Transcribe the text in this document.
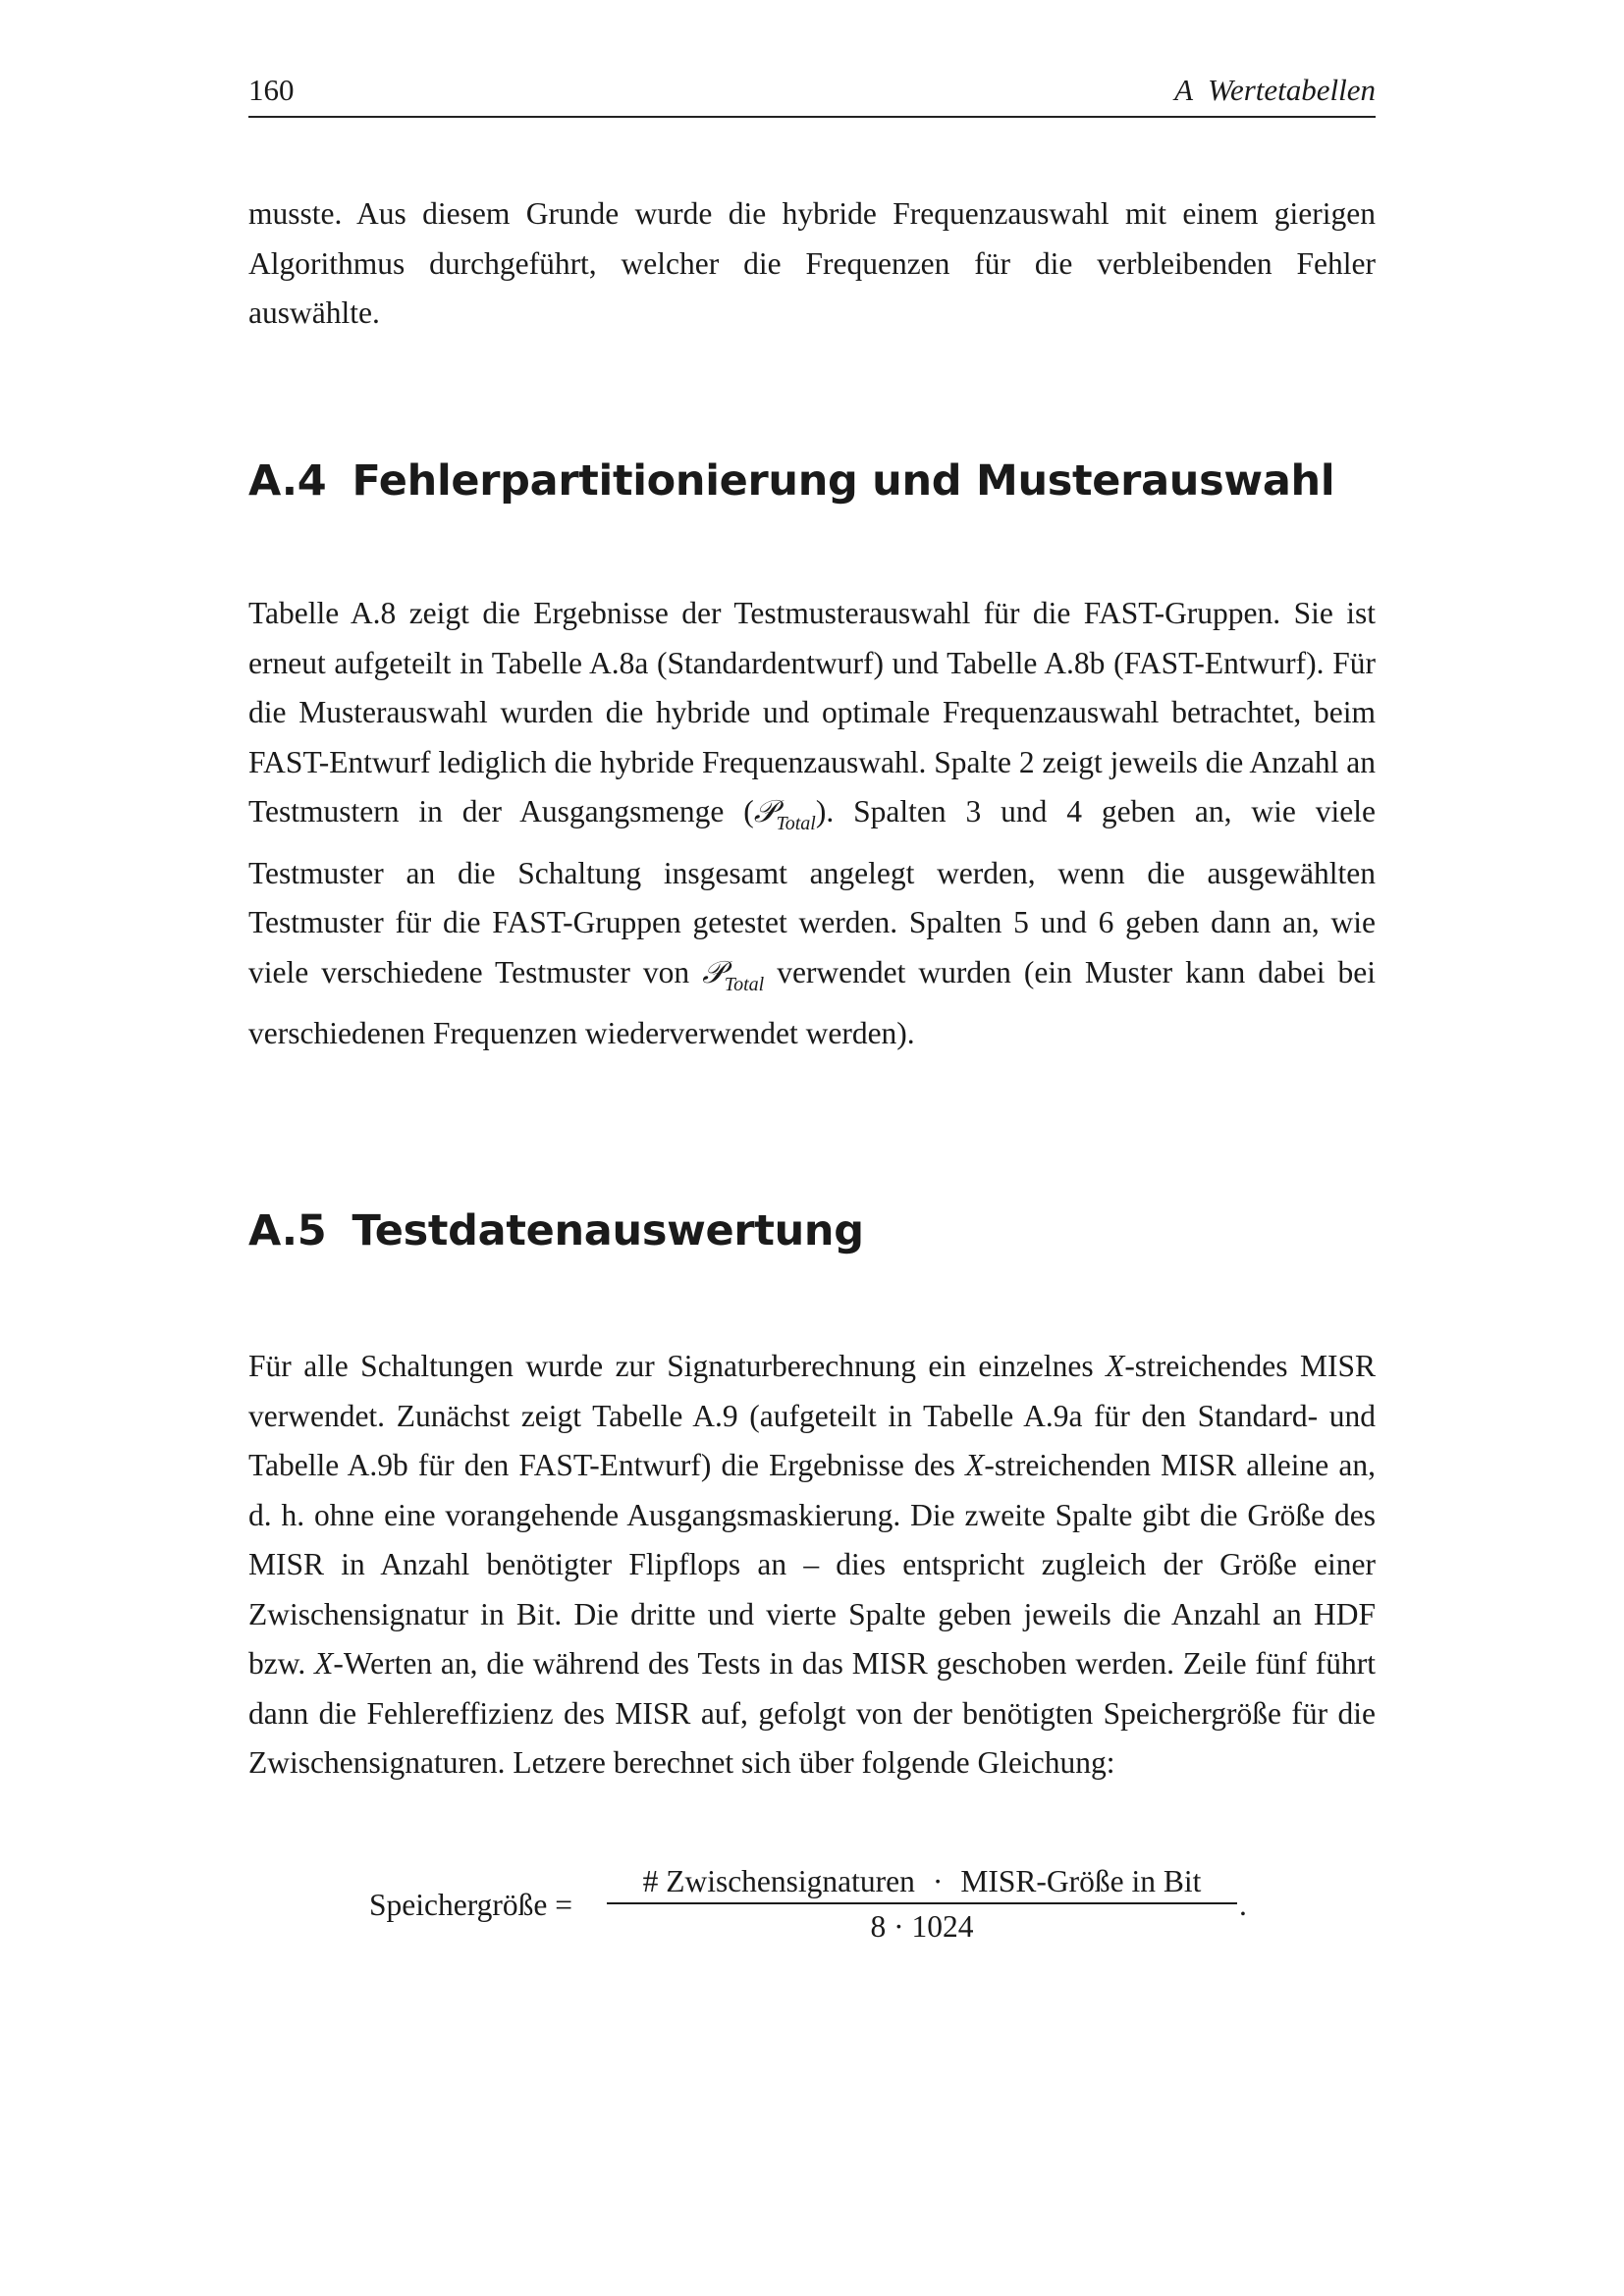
160	A  Wertetabellen

musste. Aus diesem Grunde wurde die hybride Frequenzauswahl mit einem gierigen Algorithmus durchgeführt, welcher die Frequenzen für die verbleibenden Fehler auswählte.

A.4 Fehlerpartitionierung und Musterauswahl

Tabelle A.8 zeigt die Ergebnisse der Testmusterauswahl für die FAST-Gruppen. Sie ist erneut aufgeteilt in Tabelle A.8a (Standardentwurf) und Tabelle A.8b (FAST-Entwurf). Für die Musterauswahl wurden die hybride und optimale Frequenzauswahl betrachtet, beim FAST-Entwurf lediglich die hybride Frequenzauswahl. Spalte 2 zeigt jeweils die Anzahl an Testmustern in der Ausgangsmenge (𝒫$_{Total}$). Spalten 3 und 4 geben an, wie viele Testmuster an die Schaltung insgesamt angelegt werden, wenn die ausgewählten Testmuster für die FAST-Gruppen getestet werden. Spalten 5 und 6 geben dann an, wie viele verschiedene Testmuster von 𝒫$_{Total}$ verwendet wurden (ein Muster kann dabei bei verschiedenen Frequenzen wiederverwendet werden).

A.5 Testdatenauswertung

Für alle Schaltungen wurde zur Signaturberechnung ein einzelnes X-streichendes MISR verwendet. Zunächst zeigt Tabelle A.9 (aufgeteilt in Tabelle A.9a für den Standard- und Tabelle A.9b für den FAST-Entwurf) die Ergebnisse des X-streichenden MISR alleine an, d. h. ohne eine vorangehende Ausgangsmaskierung. Die zweite Spalte gibt die Größe des MISR in Anzahl benötigter Flipflops an – dies entspricht zugleich der Größe einer Zwischensignatur in Bit. Die dritte und vierte Spalte geben jeweils die Anzahl an HDF bzw. X-Werten an, die während des Tests in das MISR geschoben werden. Zeile fünf führt dann die Fehlereffizienz des MISR auf, gefolgt von der benötigten Speichergröße für die Zwischensignaturen. Letzere berechnet sich über folgende Gleichung:

Speichergröße =
# Zwischensignaturen · MISR-Größe in Bit
8 · 1024
.
